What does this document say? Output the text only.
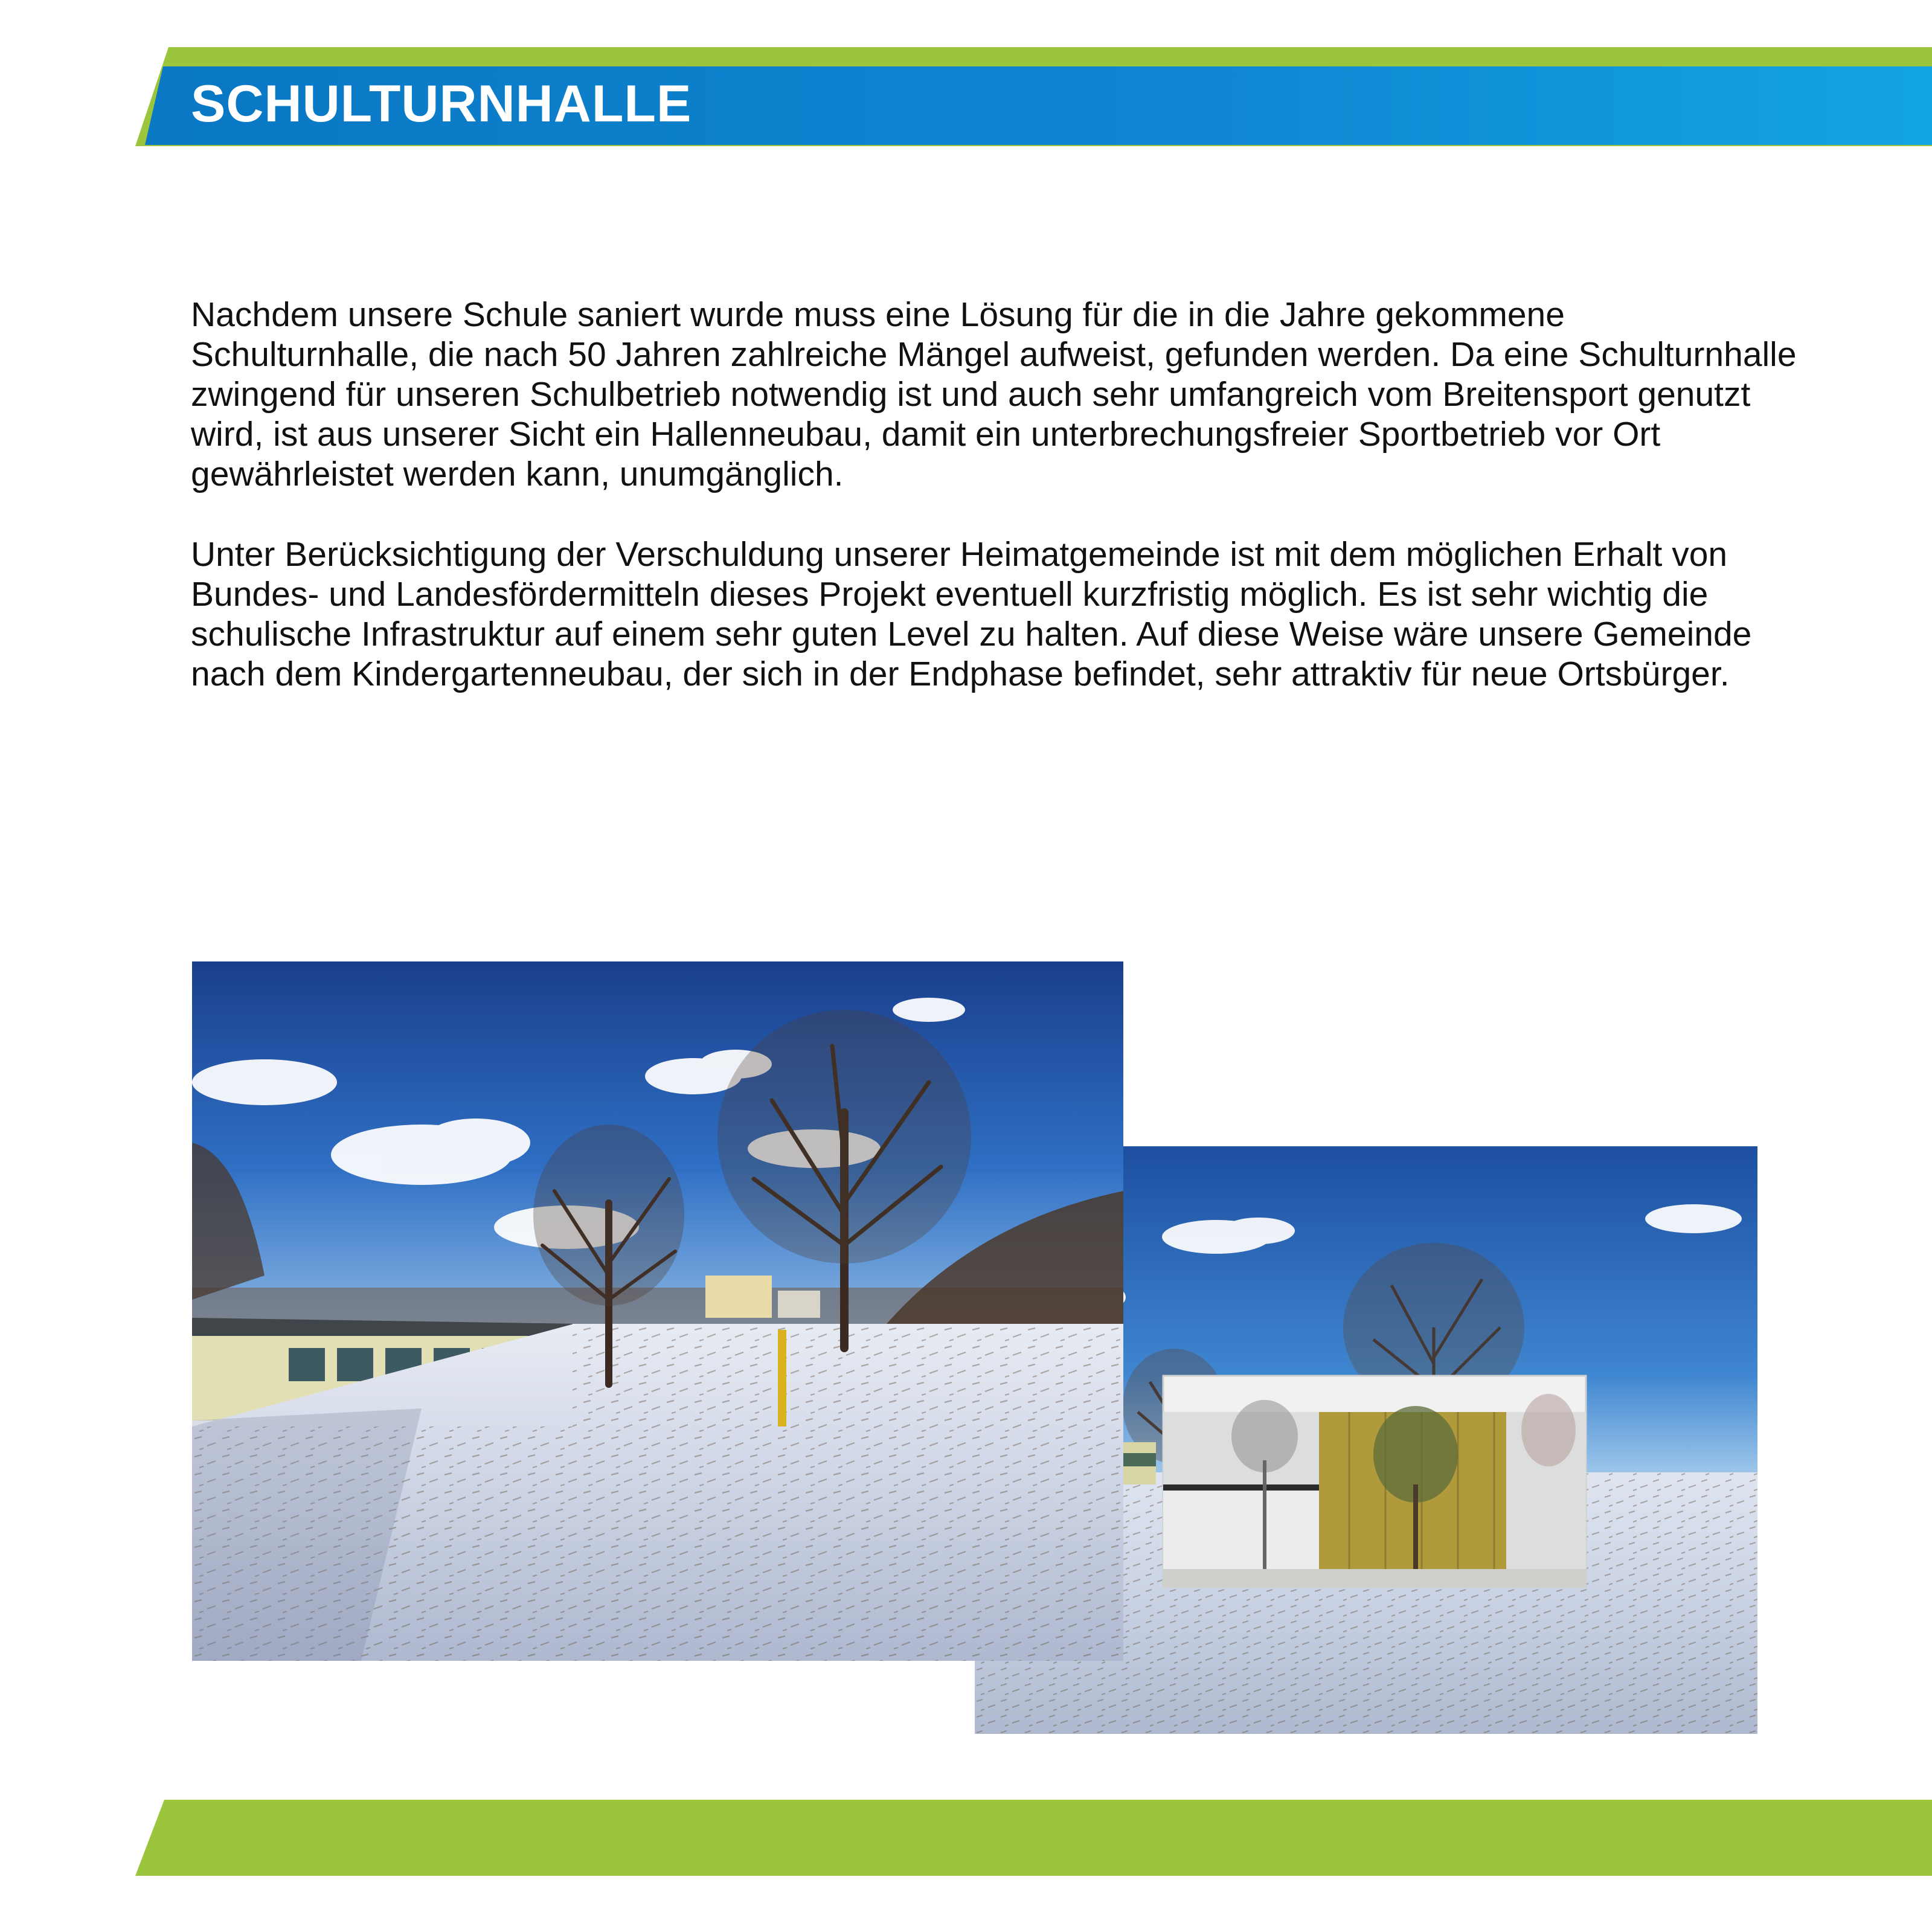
SCHULTURNHALLE

Nachdem unsere Schule saniert wurde muss eine Lösung für die in die Jahre gekommene Schulturnhalle, die nach 50 Jahren zahlreiche Mängel aufweist, gefunden werden. Da eine Schulturnhalle zwingend für unseren Schulbetrieb notwendig ist und auch sehr umfangreich vom Breitensport genutzt wird, ist aus unserer Sicht ein Hallenneubau, damit ein unterbrechungsfreier Sportbetrieb vor Ort gewährleistet werden kann, unumgänglich.

Unter Berücksichtigung der Verschuldung unserer Heimatgemeinde ist mit dem möglichen Erhalt von Bundes- und Landesfördermitteln dieses Projekt eventuell kurzfristig möglich. Es ist sehr wichtig die schulische Infrastruktur auf einem sehr guten Level zu halten. Auf diese Weise wäre unsere Gemeinde nach dem Kindergartenneubau, der sich in der Endphase befindet, sehr attraktiv für neue Ortsbürger.
